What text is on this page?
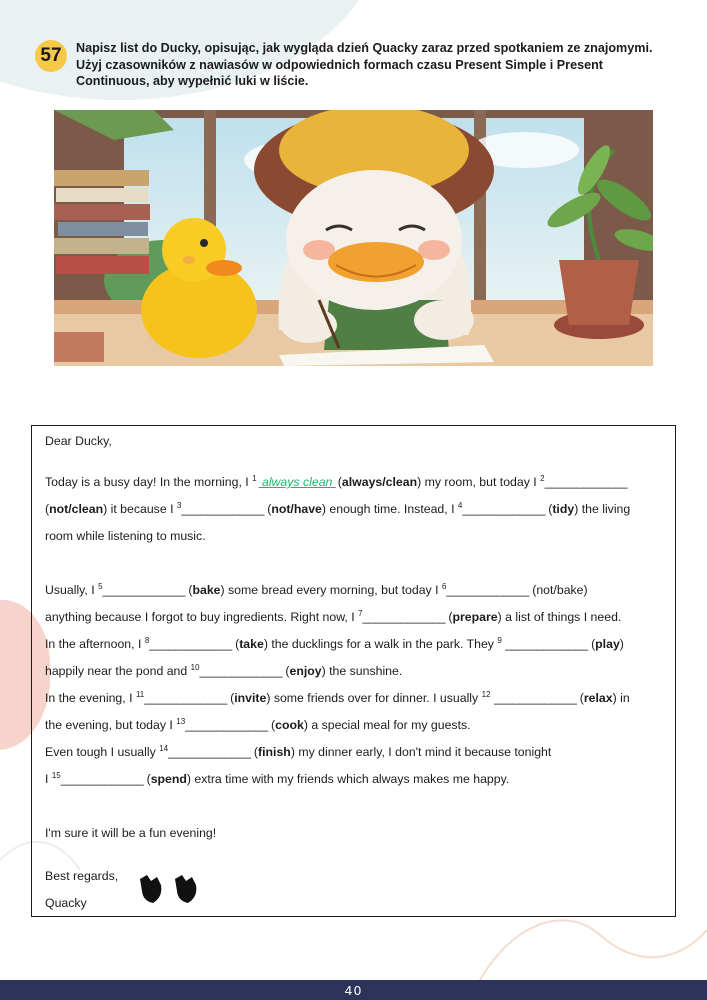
57	Napisz list do Ducky, opisując, jak wygląda dzień Quacky zaraz przed spotkaniem ze znajomymi.
Użyj czasowników z nawiasów w odpowiednich formach czasu Present Simple i Present
Continuous, aby wypełnić luki w liście.
Dear Ducky,
Today is a busy day! In the morning, I $^1$ always clean (always/clean) my room, but today I $^2$_____________
(not/clean) it because I $^3$_____________ (not/have) enough time. Instead, I $^4$_____________ (tidy) the living
room while listening to music.
Usually, I $^5$_____________ (bake) some bread every morning, but today I $^6$_____________ (not/bake)
anything because I forgot to buy ingredients. Right now, I $^7$_____________ (prepare) a list of things I need.
In the afternoon, I $^8$_____________ (take) the ducklings for a walk in the park. They $^9$ _____________ (play)
happily near the pond and $^{10}$_____________ (enjoy) the sunshine.
In the evening, I $^{11}$_____________ (invite) some friends over for dinner. I usually $^{12}$ _____________ (relax) in
the evening, but today I $^{13}$_____________ (cook) a special meal for my guests.
Even tough I usually $^{14}$_____________ (finish) my dinner early, I don't mind it because tonight
I $^{15}$_____________ (spend) extra time with my friends which always makes me happy.
I'm sure it will be a fun evening!
Best regards,
Quacky
40
